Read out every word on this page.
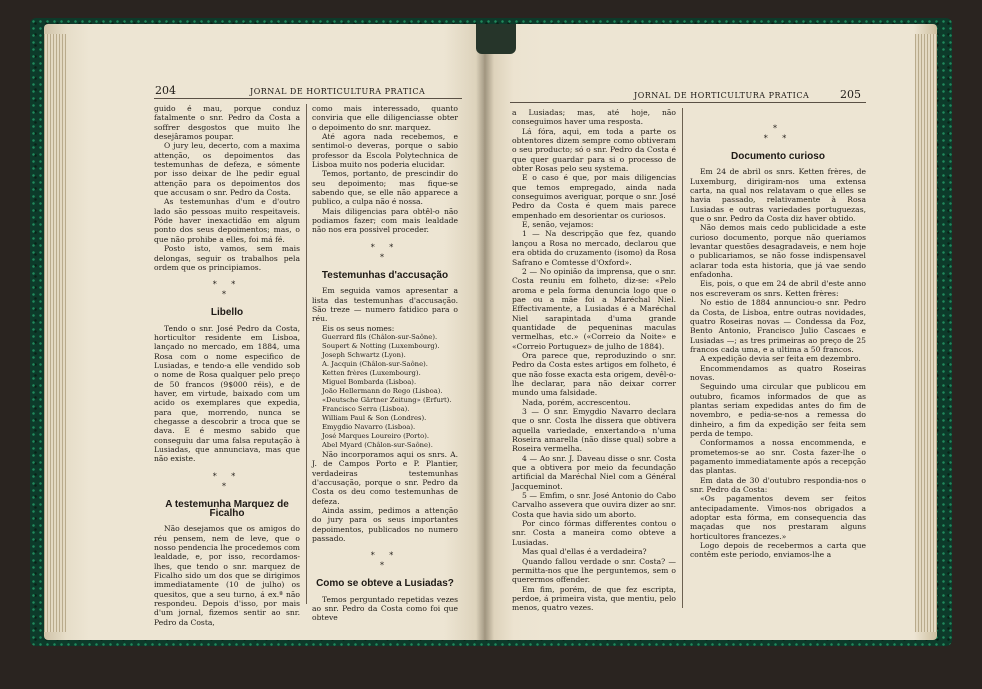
204	JORNAL DE HORTICULTURA PRATICA

guido é mau, porque conduz fatalmente o snr. Pedro da Costa a soffrer desgostos que muito lhe desejâramos poupar.

O jury leu, decerto, com a maxima attenção, os depoimentos das testemunhas de defeza, e sómente por isso deixar de lhe pedir egual attenção para os depoimentos dos que accusam o snr. Pedro da Costa.

As testemunhas d'um e d'outro lado são pessoas muito respeitaveis. Póde haver inexactidão em algum ponto dos seus depoimentos; mas, o que não prohibe a elles, foi má fé.

Posto isto, vamos, sem mais delongas, seguir os trabalhos pela ordem que os principiamos.

* *
*
Libello

Tendo o snr. José Pedro da Costa, horticultor residente em Lisboa, lançado no mercado, em 1884, uma Rosa com o nome especifico de Lusiadas, e tendo-a elle vendido sob o nome de Rosa qualquer pelo preço de 50 francos (9$000 réis), e de haver, em virtude, baixado com um acido os exemplares que expedia, para que, morrendo, nunca se chegasse a descobrir a troca que se dava. E é mesmo sabido que conseguiu dar uma falsa reputação à Lusiadas, que annunciava, mas que não existe.

* *
*
A testemunha Marquez de Ficalho

Não desejamos que os amigos do réu pensem, nem de leve, que o nosso pendencia lhe procedemos com lealdade, e, por isso, recordamos-lhes, que tendo o snr. marquez de Ficalho sido um dos que se dirigimos immediatamente (10 de julho) os quesitos, que a seu turno, á ex.ª não respondeu. Depois d'isso, por mais d'um jornal, fizemos sentir ao snr. Pedro da Costa,

como mais interessado, quanto conviria que elle diligenciasse obter o depoimento do snr. marquez.

Até agora nada recebemos, e sentimol-o deveras, porque o sabio professor da Escola Polytechnica de Lisboa muito nos poderia elucidar.

Temos, portanto, de prescindir do seu depoimento; mas fique-se sabendo que, se elle não apparece a publico, a culpa não é nossa.

Mais diligencias para obtêl-o não podiamos fazer; com mais lealdade não nos era possivel proceder.

* *
*
Testemunhas d'accusação

Em seguida vamos apresentar a lista das testemunhas d'accusação. São treze — numero fatidico para o réu.

Eis os seus nomes:

Guerrard fils (Châlon-sur-Saône).

Soupert & Notting (Luxembourg).

Joseph Schwartz (Lyon).

A. Jacquin (Châlon-sur-Saône).

Ketten frères (Luxembourg).

Miguel Bombarda (Lisboa).

João Hellermann do Rego (Lisboa).

«Deutsche Gärtner Zeitung» (Erfurt).

Francisco Serra (Lisboa).

William Paul & Son (Londres).

Emygdio Navarro (Lisboa).

José Marques Loureiro (Porto).

Abel Myard (Châlon-sur-Saône).

Não incorporamos aqui os snrs. A. J. de Campos Porto e P. Plantier, verdadeiras testemunhas d'accusação, porque o snr. Pedro da Costa os deu como testemunhas de defeza.

Ainda assim, pedimos a attenção do jury para os seus importantes depoimentos, publicados no numero passado.

* *
*
Como se obteve a Lusiadas?

Temos perguntado repetidas vezes ao snr. Pedro da Costa como foi que obteve

JORNAL DE HORTICULTURA PRATICA	205

a Lusiadas; mas, até hoje, não conseguimos haver uma resposta.

Lá fóra, aqui, em toda a parte os obtentores dizem sempre como obtiveram o seu producto; só o snr. Pedro da Costa é que quer guardar para si o processo de obter Rosas pelo seu systema.

E o caso é que, por mais diligencias que temos empregado, ainda nada conseguimos averiguar, porque o snr. José Pedro da Costa é quem mais parece empenhado em desorientar os curiosos.

E, senão, vejamos:

1 — Na descripção que fez, quando lançou a Rosa no mercado, declarou que era obtida do cruzamento (isomo) da Rosa Safrano e Comtesse d'Oxford».

2 — No opinião da imprensa, que o snr. Costa reuniu em folheto, diz-se: «Pelo aroma e pela forma denuncia logo que o pae ou a mãe foi a Maréchal Niel. Effectivamente, a Lusiadas é a Maréchal Niel sarapintada d'uma grande quantidade de pequeninas maculas vermelhas, etc.» («Correio da Noite» e «Correio Portuguez» de julho de 1884).

Ora parece que, reproduzindo o snr. Pedro da Costa estes artigos em folheto, é que não fosse exacta esta origem, devêl-o-lhe declarar, para não deixar correr mundo uma falsidade.

Nada, porém, accrescentou.

3 — O snr. Emygdio Navarro declara que o snr. Costa lhe dissera que obtivera aquella variedade, enxertando-a n'uma Roseira amarella (não disse qual) sobre a Roseira vermelha.

4 — Ao snr. J. Daveau disse o snr. Costa que a obtivera por meio da fecundação artificial da Maréchal Niel com a Général Jacqueminot.

5 — Emfim, o snr. José Antonio do Cabo Carvalho assevera que ouvira dizer ao snr. Costa que havia sido um aborto.

Por cinco fórmas differentes contou o snr. Costa a maneira como obteve a Lusiadas.

Mas qual d'ellas é a verdadeira?

Quando fallou verdade o snr. Costa? —permitta-nos que lhe perguntemos, sem o querermos offender.

Em fim, porém, de que fez escripta, perdoe, á primeira vista, que mentiu, pelo menos, quatro vezes.

*
* *
Documento curioso

Em 24 de abril os snrs. Ketten frères, de Luxemburg, dirigiram-nos uma extensa carta, na qual nos relatavam o que elles se havia passado, relativamente à Rosa Lusiadas e outras variedades portuguezas, que o snr. Pedro da Costa diz haver obtido.

Não demos mais cedo publicidade a este curioso documento, porque não queriamos levantar questões desagradaveis, e nem hoje o publicariamos, se não fosse indispensavel aclarar toda esta historia, que já vae sendo enfadonha.

Eis, pois, o que em 24 de abril d'este anno nos escreveram os snrs. Ketten frères:

No estio de 1884 annunciou-o snr. Pedro da Costa, de Lisboa, entre outras novidades, quatro Roseiras novas — Condessa da Foz, Bento Antonio, Francisco Julio Cascaes e Lusiadas —; as tres primeiras ao preço de 25 francos cada uma, e a ultima a 50 francos.

A expedição devia ser feita em dezembro.

Encommendamos as quatro Roseiras novas.

Seguindo uma circular que publicou em outubro, ficamos informados de que as plantas seriam expedidas antes do fim de novembro, e pedia-se-nos a remessa do dinheiro, a fim da expedição ser feita sem perda de tempo.

Conformamos a nossa encommenda, e prometemos-se ao snr. Costa fazer-lhe o pagamento immediatamente após a recepção das plantas.

Em data de 30 d'outubro respondia-nos o snr. Pedro da Costa:

«Os pagamentos devem ser feitos antecipadamente. Vimos-nos obrigados a adoptar esta fórma, em consequencia das maçadas que nos prestaram alguns horticultores francezes.»

Logo depois de recebermos a carta que contêm este periodo, enviamos-lhe a
